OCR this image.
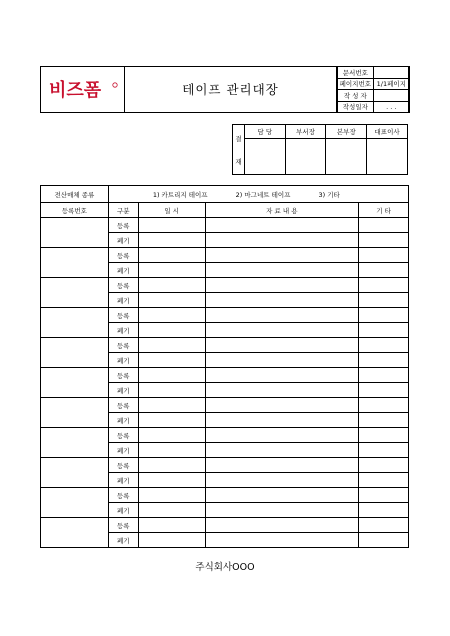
비즈폼	테이프 관리대장
문서번호	
페이지번호	1/1페이지
작 성 자	
작성일자	. . .
결
재	담 당	부서장	본부장	대표이사

전산매체 종류	1) 카트리지 테이프 2) 마그네트 테이프 3) 기타			
등록번호	구분	일 시	자 료 내 용	기 타
	등록			
	폐기			
	등록			
	폐기			
	등록			
	폐기			
	등록			
	폐기			
	등록			
	폐기			
	등록			
	폐기			
	등록			
	폐기			
	등록			
	폐기			
	등록			
	폐기			
	등록			
	폐기			
	등록			
	폐기			
주식회사OOO
